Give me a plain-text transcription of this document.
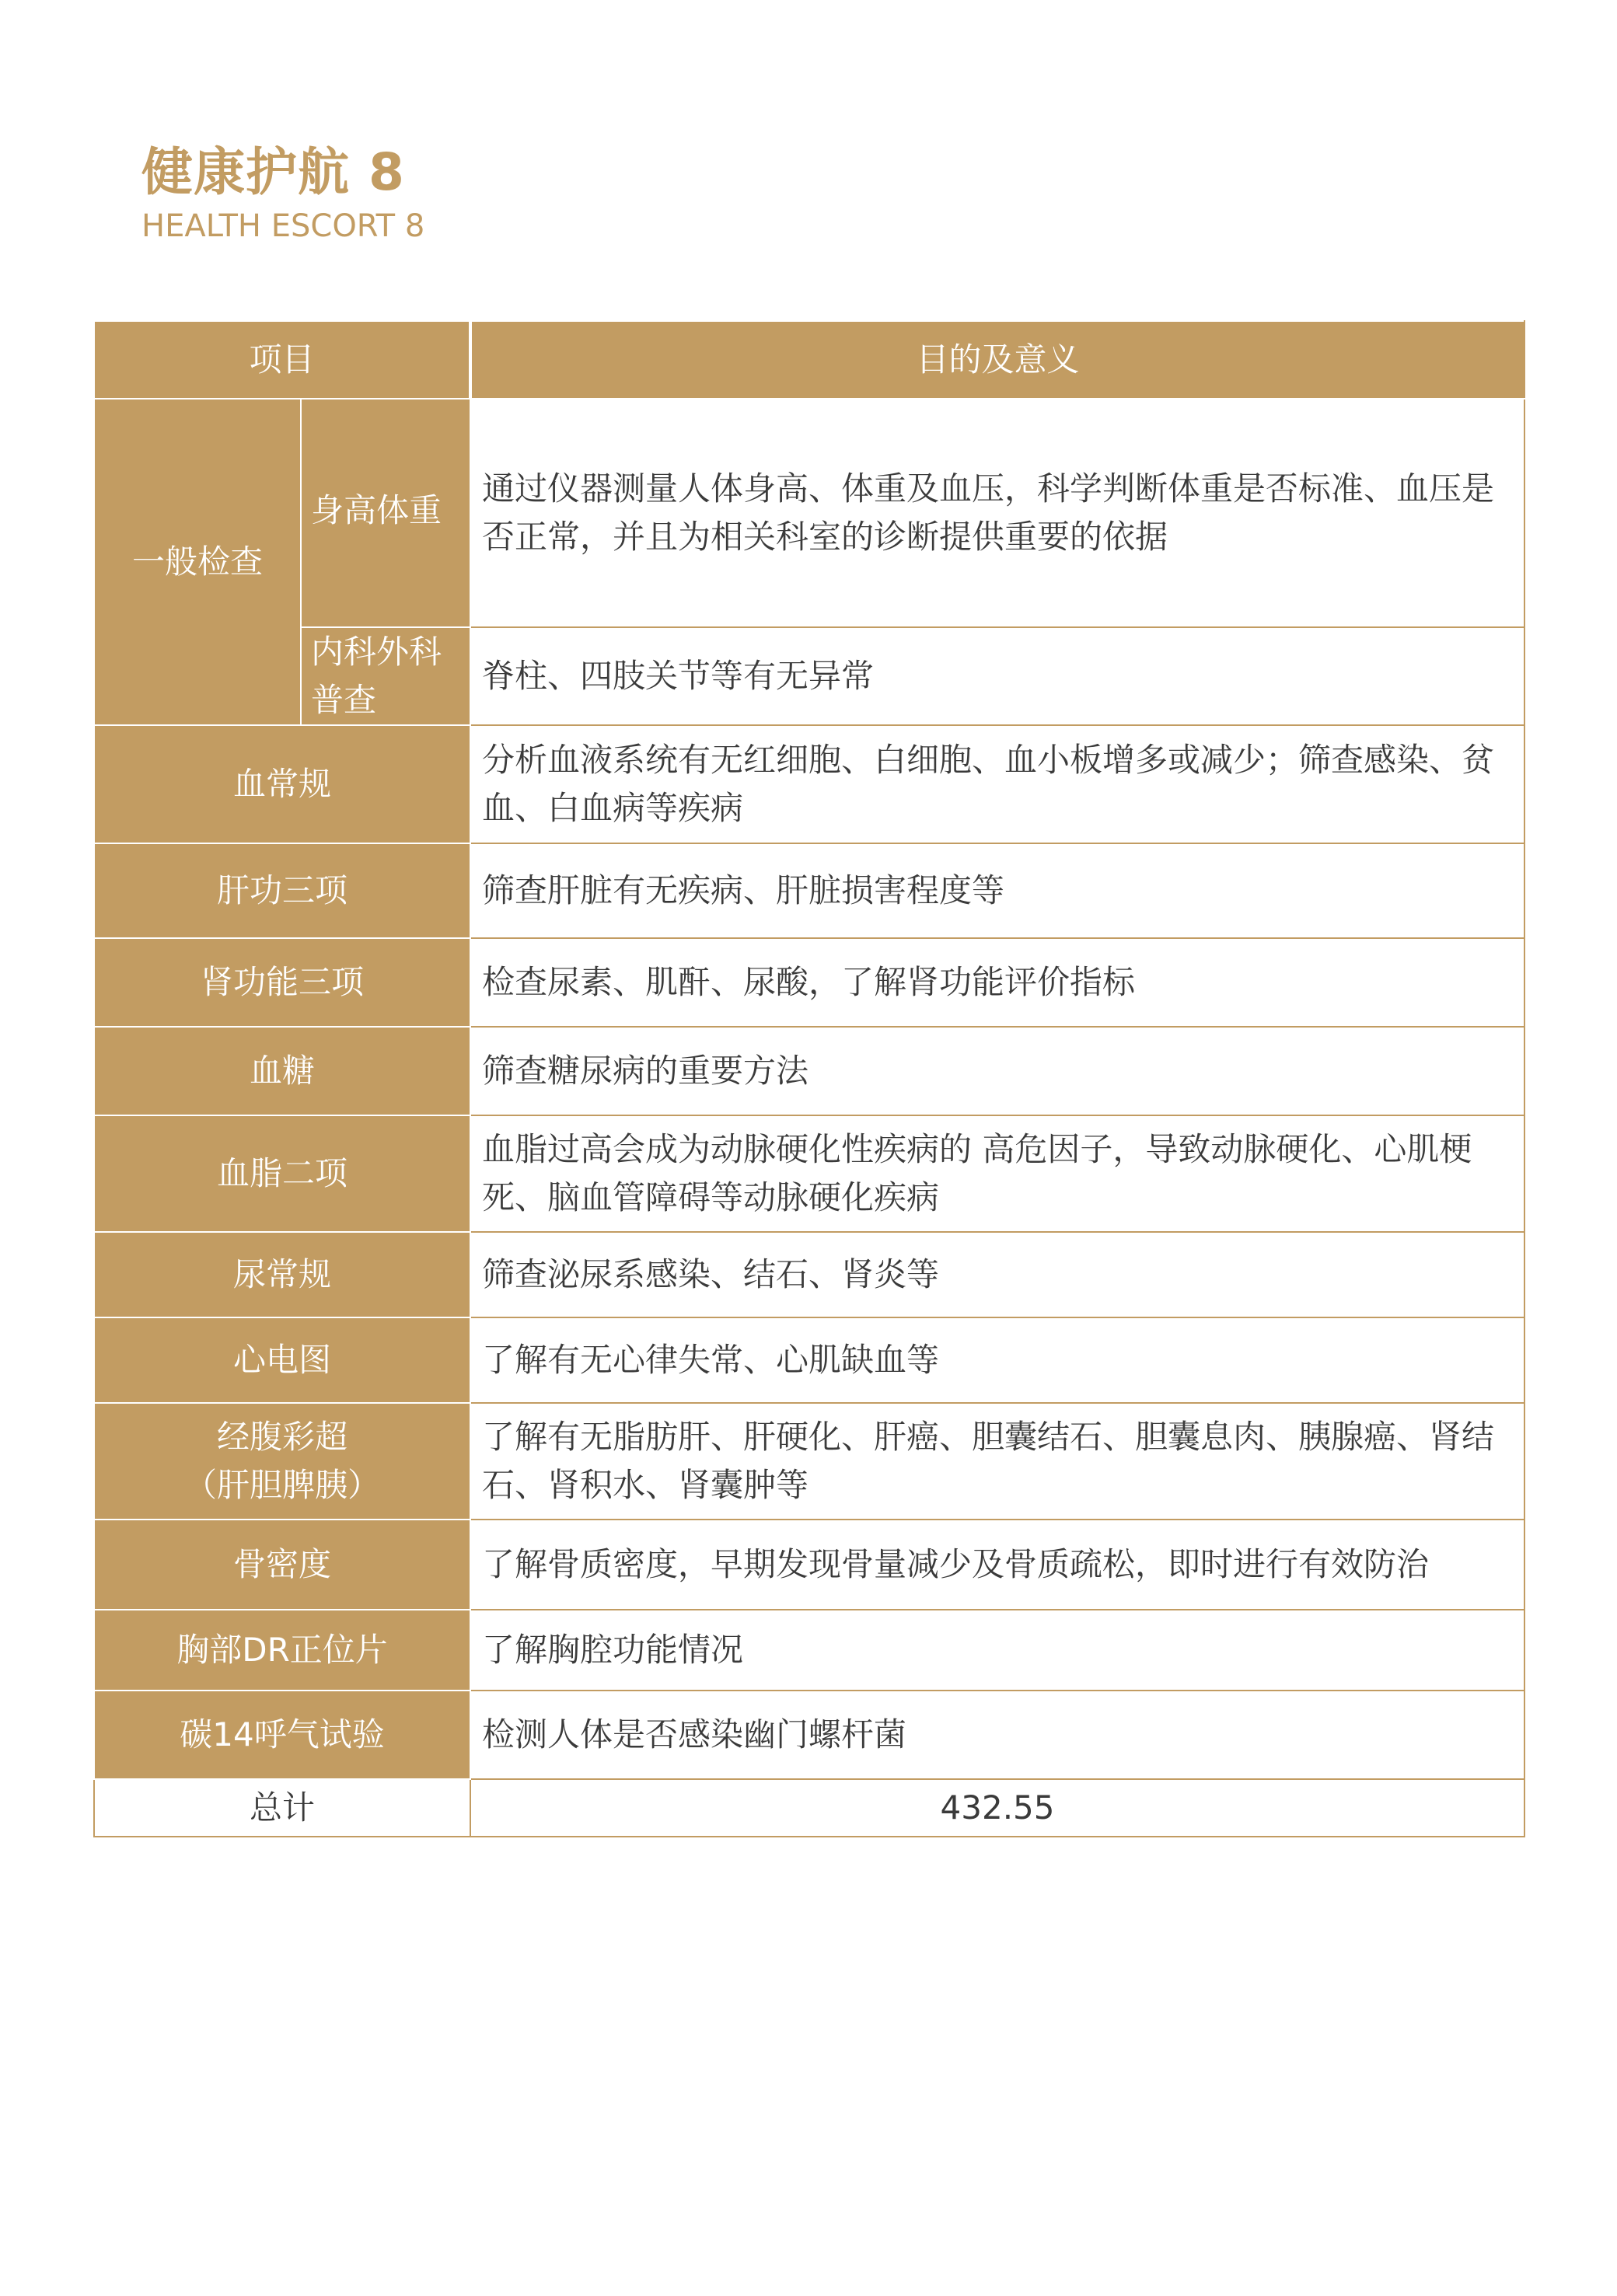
健康护航 8
HEALTH ESCORT 8
项目		目的及意义
一般检查	身高体重	通过仪器测量人体身高、体重及血压，科学判断体重是否标准、血压是否正常，并且为相关科室的诊断提供重要的依据
	内科外科普查	脊柱、四肢关节等有无异常
血常规		分析血液系统有无红细胞、白细胞、血小板增多或减少；筛查感染、贫血、白血病等疾病
肝功三项		筛查肝脏有无疾病、肝脏损害程度等
肾功能三项		检查尿素、肌酐、尿酸，了解肾功能评价指标
血糖		筛查糖尿病的重要方法
血脂二项		血脂过高会成为动脉硬化性疾病的 高危因子，导致动脉硬化、心肌梗死、脑血管障碍等动脉硬化疾病
尿常规		筛查泌尿系感染、结石、肾炎等
心电图		了解有无心律失常、心肌缺血等
经腹彩超
（肝胆脾胰）		了解有无脂肪肝、肝硬化、肝癌、胆囊结石、胆囊息肉、胰腺癌、肾结石、肾积水、肾囊肿等
骨密度		了解骨质密度，早期发现骨量减少及骨质疏松，即时进行有效防治
胸部DR正位片		了解胸腔功能情况
碳14呼气试验		检测人体是否感染幽门螺杆菌
总计		432.55
